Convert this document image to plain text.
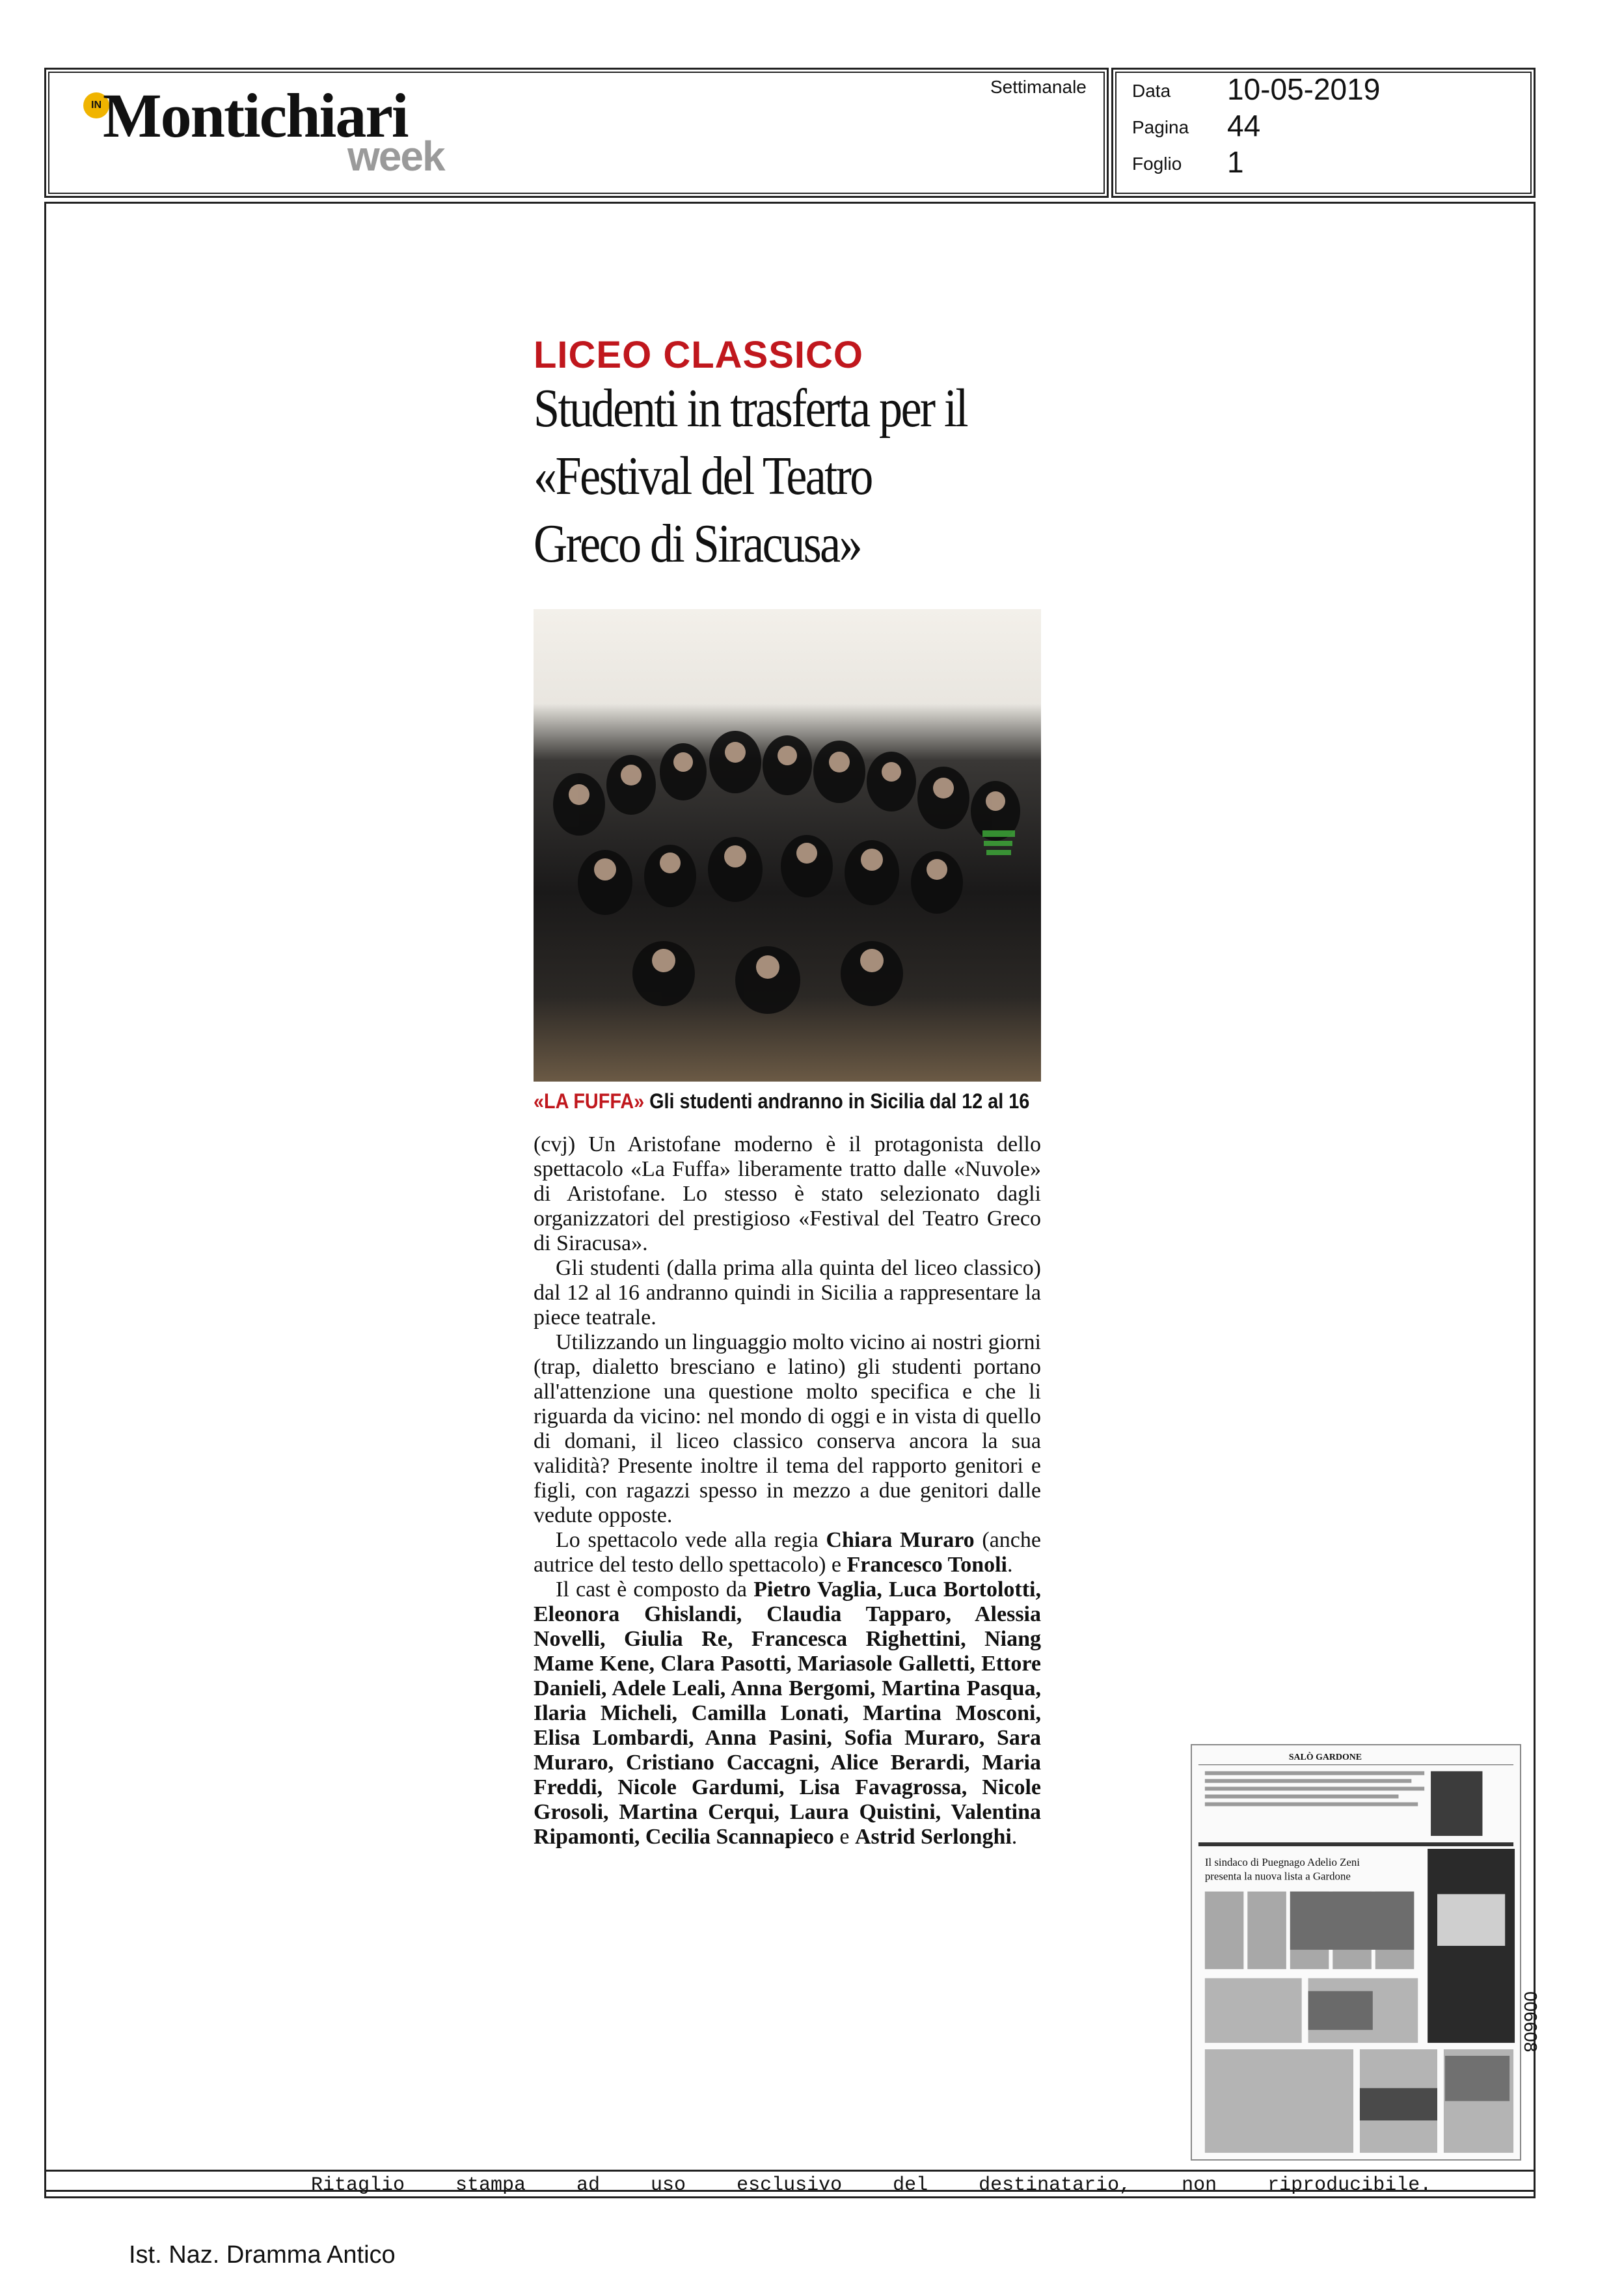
IN Montichiari
week
Settimanale	Data 10-05-2019
Pagina 44
Foglio 1
LICEO CLASSICO
Studenti in trasferta per il «Festival del Teatro Greco di Siracusa»
«LA FUFFA» Gli studenti andranno in Sicilia dal 12 al 16

(cvj) Un Aristofane moderno è il protagonista dello spettacolo «La Fuffa» liberamente tratto dalle «Nuvole» di Aristofane. Lo stesso è stato selezionato dagli organizzatori del prestigioso «Festival del Teatro Greco di Siracusa».

Gli studenti (dalla prima alla quinta del liceo classico) dal 12 al 16 andranno quindi in Sicilia a rappresentare la piece teatrale.

Utilizzando un linguaggio molto vicino ai nostri giorni (trap, dialetto bresciano e latino) gli studenti portano all'attenzione una questione molto specifica e che li riguarda da vicino: nel mondo di oggi e in vista di quello di domani, il liceo classico conserva ancora la sua validità? Presente inoltre il tema del rapporto genitori e figli, con ragazzi spesso in mezzo a due genitori dalle vedute opposte.

Lo spettacolo vede alla regia Chiara Muraro (anche autrice del testo dello spettacolo) e Francesco Tonoli.

Il cast è composto da Pietro Vaglia, Luca Bortolotti, Eleonora Ghislandi, Claudia Tapparo, Alessia Novelli, Giulia Re, Francesca Righettini, Niang Mame Kene, Clara Pasotti, Mariasole Galletti, Ettore Danieli, Adele Leali, Anna Bergomi, Martina Pasqua, Ilaria Micheli, Camilla Lonati, Martina Mosconi, Elisa Lombardi, Anna Pasini, Sofia Muraro, Sara Muraro, Cristiano Caccagni, Alice Berardi, Maria Freddi, Nicole Gardumi, Lisa Favagrossa, Nicole Grosoli, Martina Cerqui, Laura Quistini, Valentina Ripamonti, Cecilia Scannapieco e Astrid Serlonghi.

SALÒ GARDONE
Il sindaco di Puegnago Adelio Zeni
presenta la nuova lista a Gardone
Ritaglio stampa ad uso esclusivo del destinatario, non riproducibile.
006608
Ist. Naz. Dramma Antico
